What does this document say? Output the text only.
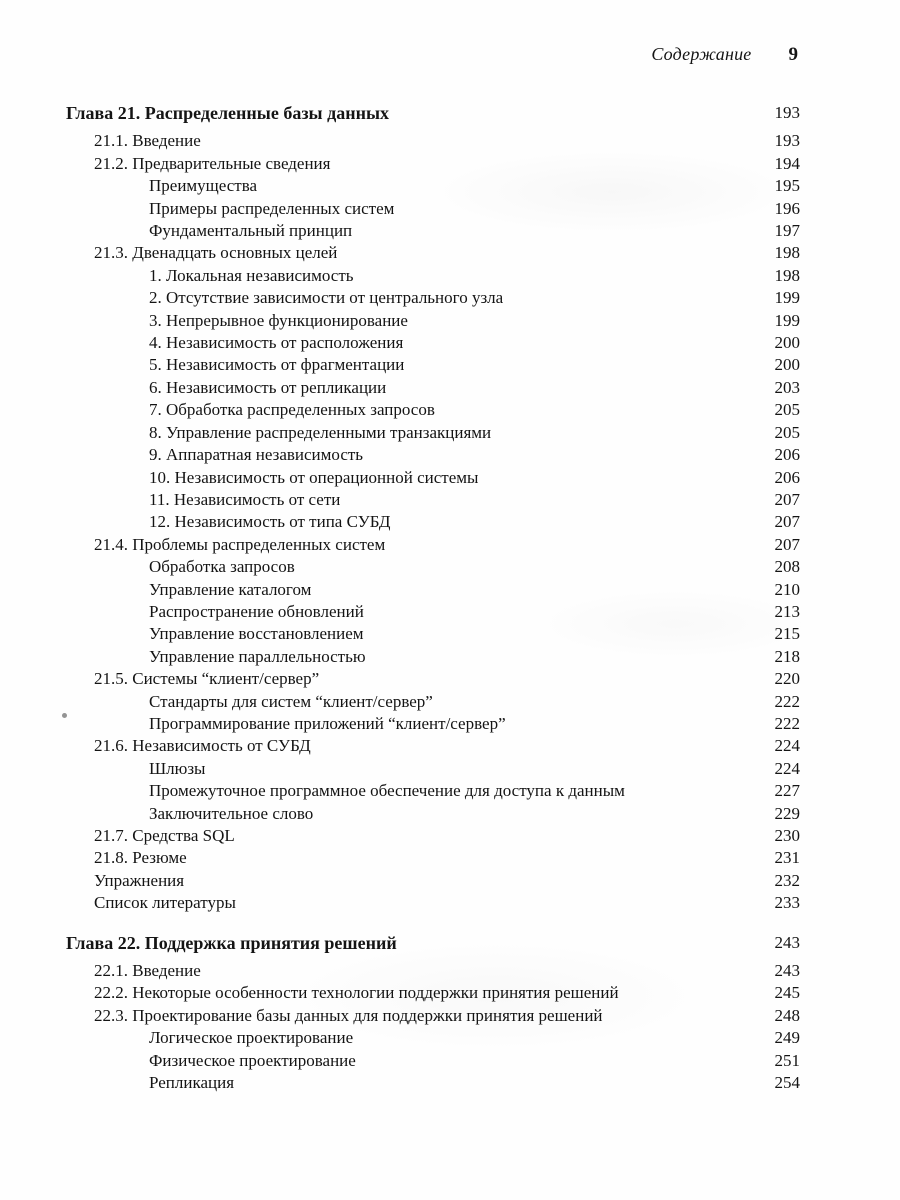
Содержание 9
Глава 21. Распределенные базы данных	193
21.1. Введение	193
21.2. Предварительные сведения	194
Преимущества	195
Примеры распределенных систем	196
Фундаментальный принцип	197
21.3. Двенадцать основных целей	198
1. Локальная независимость	198
2. Отсутствие зависимости от центрального узла	199
3. Непрерывное функционирование	199
4. Независимость от расположения	200
5. Независимость от фрагментации	200
6. Независимость от репликации	203
7. Обработка распределенных запросов	205
8. Управление распределенными транзакциями	205
9. Аппаратная независимость	206
10. Независимость от операционной системы	206
11. Независимость от сети	207
12. Независимость от типа СУБД	207
21.4. Проблемы распределенных систем	207
Обработка запросов	208
Управление каталогом	210
Распространение обновлений	213
Управление восстановлением	215
Управление параллельностью	218
21.5. Системы “клиент/сервер”	220
Стандарты для систем “клиент/сервер”	222
Программирование приложений “клиент/сервер”	222
21.6. Независимость от СУБД	224
Шлюзы	224
Промежуточное программное обеспечение для доступа к данным	227
Заключительное слово	229
21.7. Средства SQL	230
21.8. Резюме	231
Упражнения	232
Список литературы	233
Глава 22. Поддержка принятия решений	243
22.1. Введение	243
22.2. Некоторые особенности технологии поддержки принятия решений	245
22.3. Проектирование базы данных для поддержки принятия решений	248
Логическое проектирование	249
Физическое проектирование	251
Репликация	254
